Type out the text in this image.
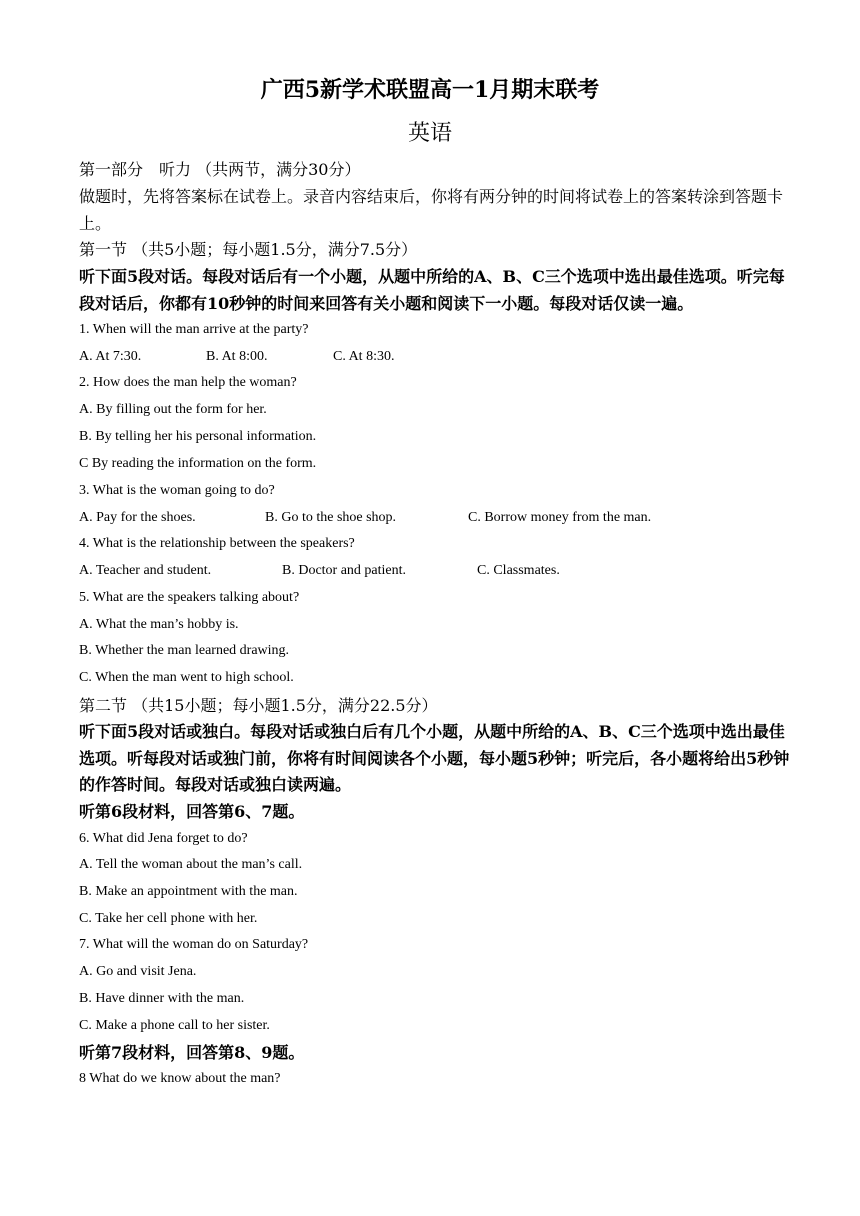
广西5新学术联盟高一1月期末联考
英语
第一部分　听力 （共两节，满分30分）
做题时，先将答案标在试卷上。录音内容结束后，你将有两分钟的时间将试卷上的答案转涂到答题卡上。
第一节 （共5小题；每小题1.5分，满分7.5分）
听下面5段对话。每段对话后有一个小题，从题中所给的A、B、C三个选项中选出最佳选项。听完每段对话后，你都有10秒钟的时间来回答有关小题和阅读下一小题。每段对话仅读一遍。
1. When will the man arrive at the party?
A. At 7:30.	B. At 8:00.	C. At 8:30.
2. How does the man help the woman?
A. By filling out the form for her.
B. By telling her his personal information.
C By reading the information on the form.
3. What is the woman going to do?
A. Pay for the shoes.	B. Go to the shoe shop.	C. Borrow money from the man.
4. What is the relationship between the speakers?
A. Teacher and student.	B. Doctor and patient.	C. Classmates.
5. What are the speakers talking about?
A. What the man’s hobby is.
B. Whether the man learned drawing.
C. When the man went to high school.
第二节 （共15小题；每小题1.5分，满分22.5分）
听下面5段对话或独白。每段对话或独白后有几个小题，从题中所给的A、B、C三个选项中选出最佳选项。听每段对话或独门前，你将有时间阅读各个小题，每小题5秒钟；听完后，各小题将给出5秒钟的作答时间。每段对话或独白读两遍。
听第6段材料，回答第6、7题。
6. What did Jena forget to do?
A. Tell the woman about the man’s call.
B. Make an appointment with the man.
C. Take her cell phone with her.
7. What will the woman do on Saturday?
A. Go and visit Jena.
B. Have dinner with the man.
C. Make a phone call to her sister.
听第7段材料，回答第8、9题。
8 What do we know about the man?
